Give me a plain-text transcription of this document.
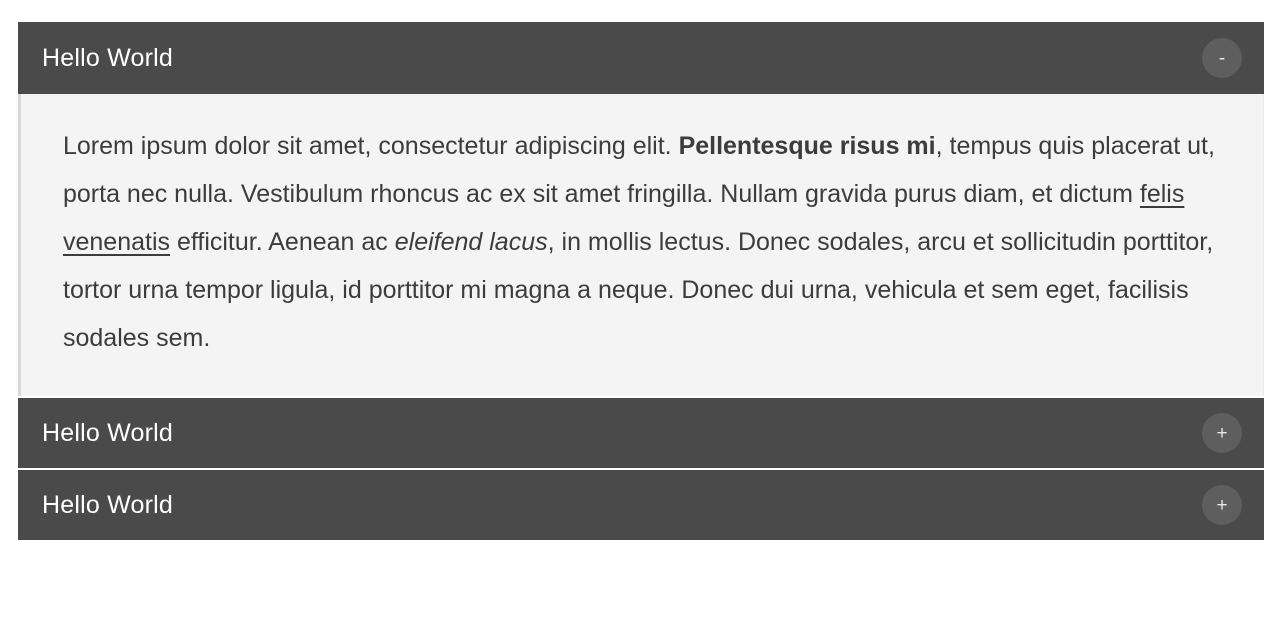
Hello World	-

Lorem ipsum dolor sit amet, consectetur adipiscing elit. Pellentesque risus mi, tempus quis placerat ut, porta nec nulla. Vestibulum rhoncus ac ex sit amet fringilla. Nullam gravida purus diam, et dictum felis venenatis efficitur. Aenean ac eleifend lacus, in mollis lectus. Donec sodales, arcu et sollicitudin porttitor, tortor urna tempor ligula, id porttitor mi magna a neque. Donec dui urna, vehicula et sem eget, facilisis sodales sem.

Hello World	+
Hello World	+
